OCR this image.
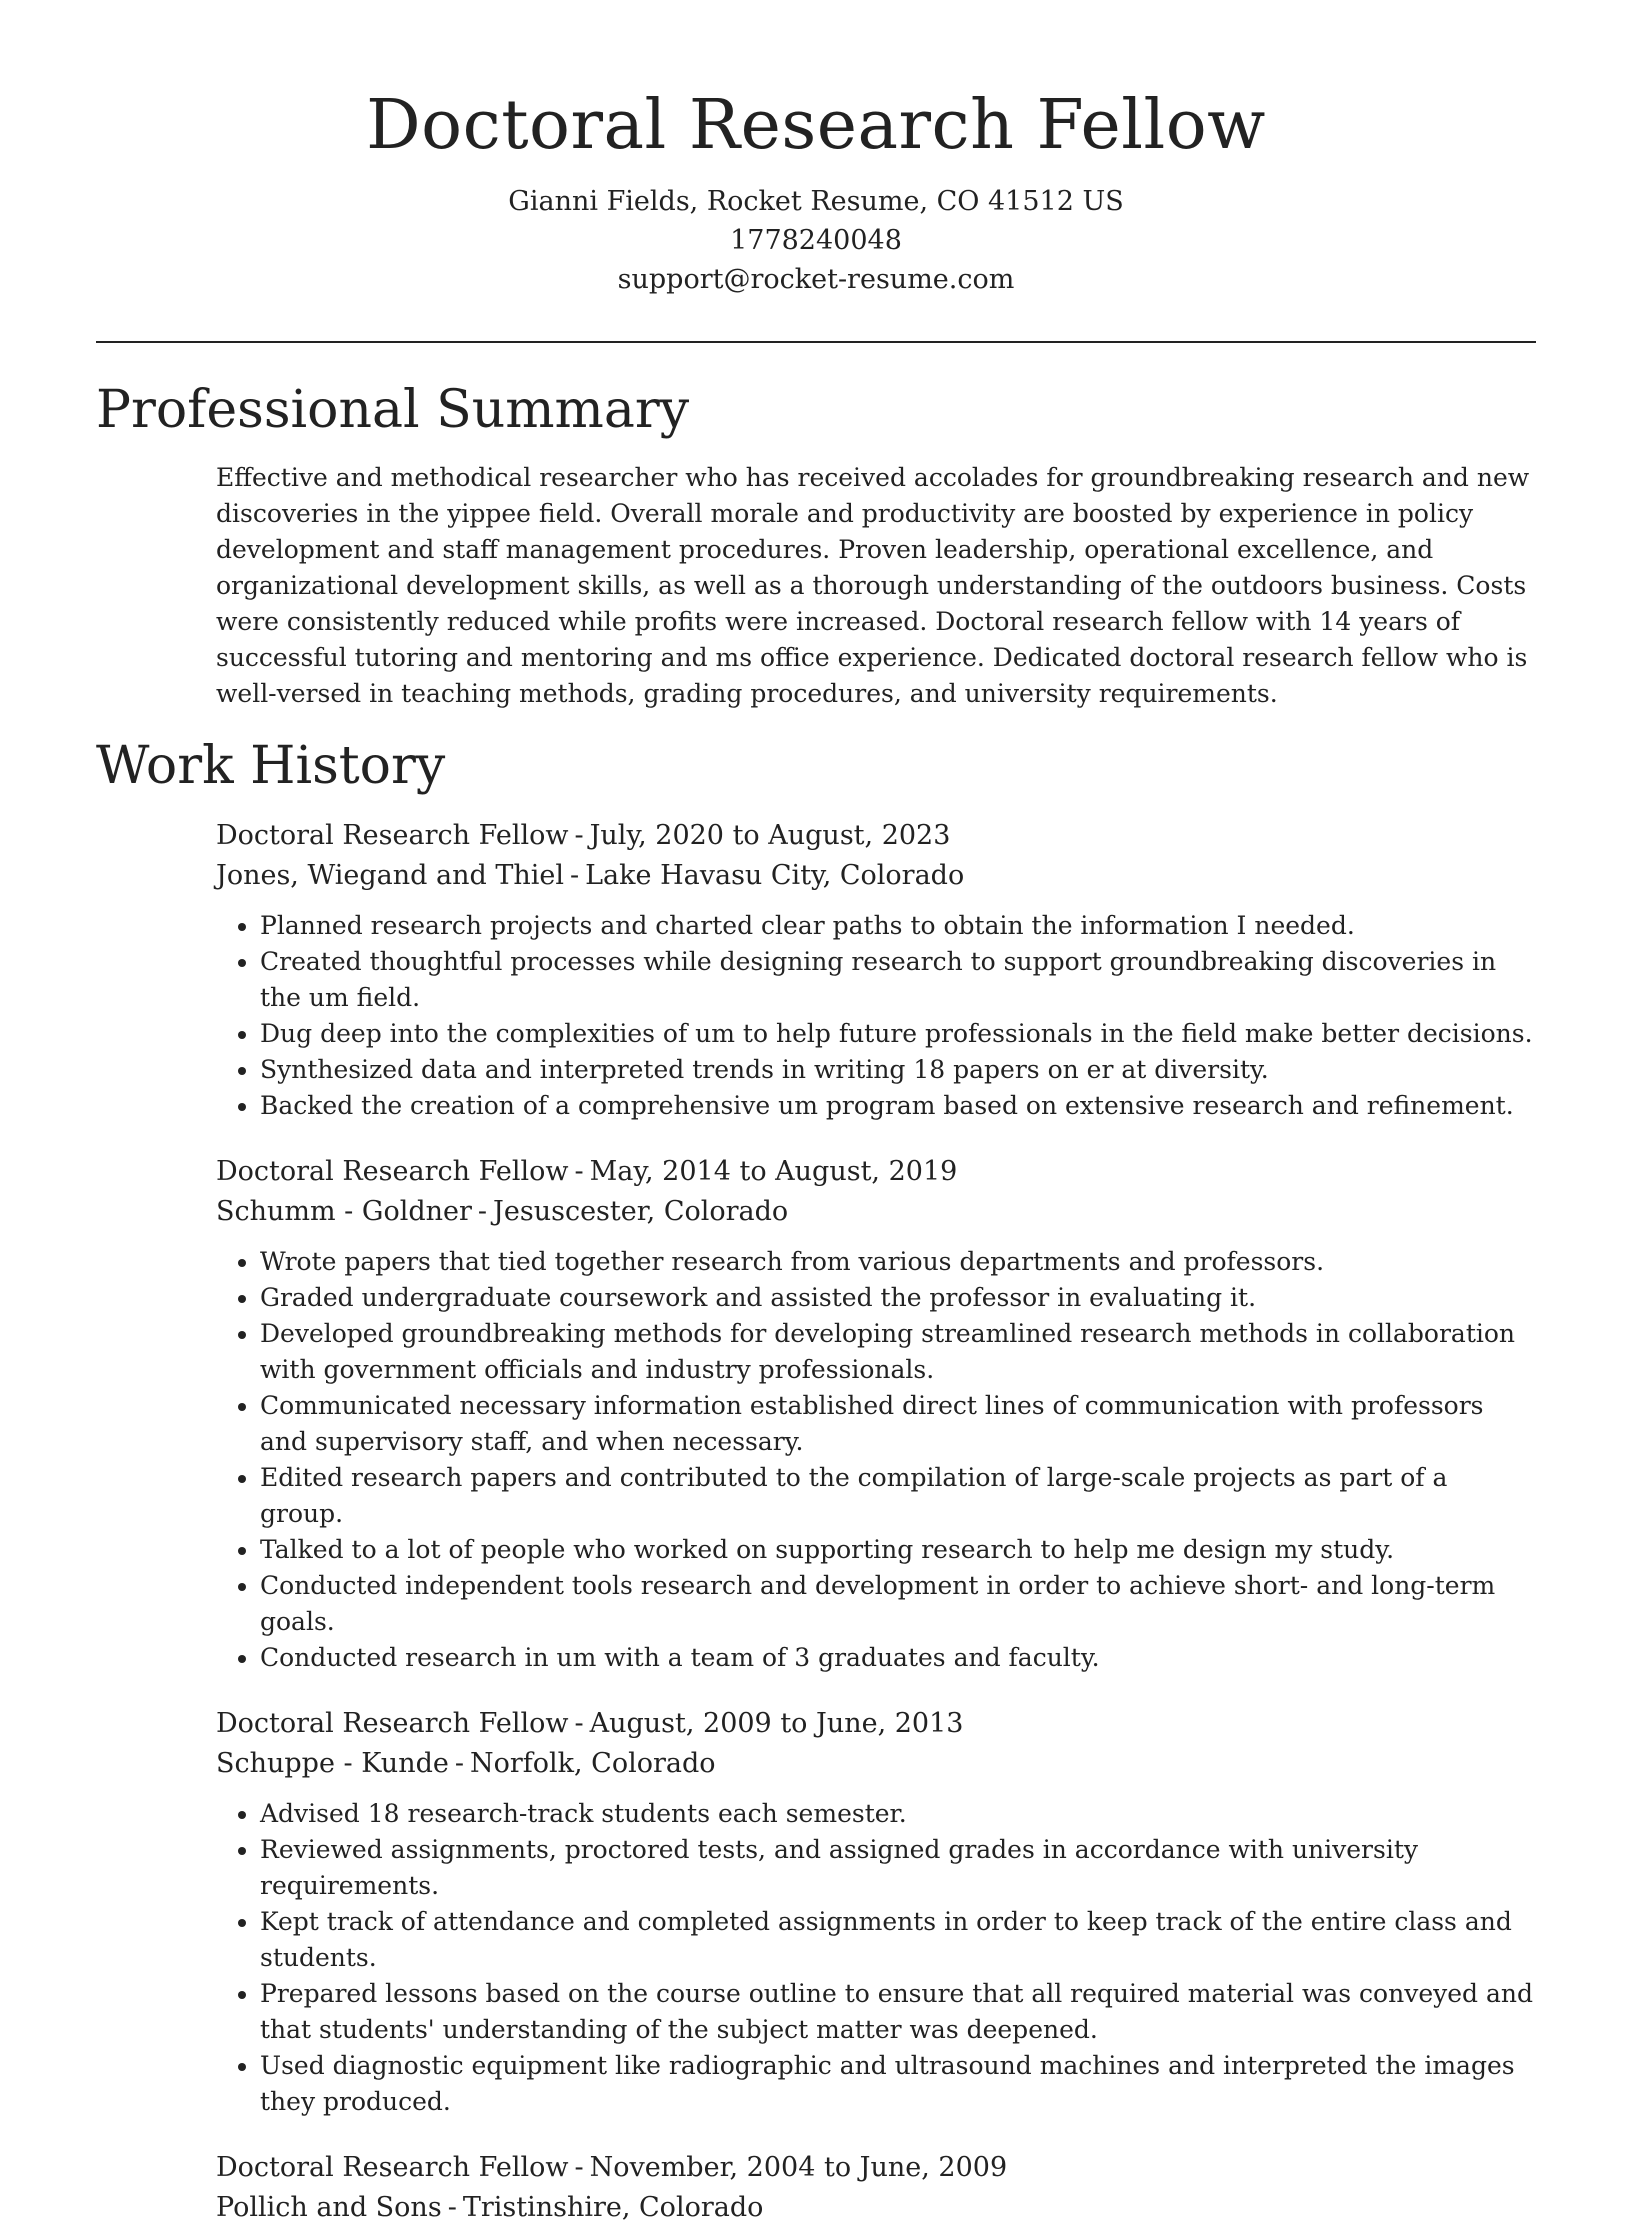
Doctoral Research Fellow
Gianni Fields, Rocket Resume, CO 41512 US
1778240048
support@rocket-resume.com
Professional Summary

Effective and methodical researcher who has received accolades for groundbreaking research and new discoveries in the yippee field. Overall morale and productivity are boosted by experience in policy development and staff management procedures. Proven leadership, operational excellence, and organizational development skills, as well as a thorough understanding of the outdoors business. Costs were consistently reduced while profits were increased. Doctoral research fellow with 14 years of successful tutoring and mentoring and ms office experience. Dedicated doctoral research fellow who is well-versed in teaching methods, grading procedures, and university requirements.

Work History
Doctoral Research Fellow - July, 2020 to August, 2023
Jones, Wiegand and Thiel - Lake Havasu City, Colorado
• Planned research projects and charted clear paths to obtain the information I needed.
• Created thoughtful processes while designing research to support groundbreaking discoveries in the um field.
• Dug deep into the complexities of um to help future professionals in the field make better decisions.
• Synthesized data and interpreted trends in writing 18 papers on er at diversity.
• Backed the creation of a comprehensive um program based on extensive research and refinement.
Doctoral Research Fellow - May, 2014 to August, 2019
Schumm - Goldner - Jesuscester, Colorado
• Wrote papers that tied together research from various departments and professors.
• Graded undergraduate coursework and assisted the professor in evaluating it.
• Developed groundbreaking methods for developing streamlined research methods in collaboration with government officials and industry professionals.
• Communicated necessary information established direct lines of communication with professors and supervisory staff, and when necessary.
• Edited research papers and contributed to the compilation of large-scale projects as part of a group.
• Talked to a lot of people who worked on supporting research to help me design my study.
• Conducted independent tools research and development in order to achieve short- and long-term goals.
• Conducted research in um with a team of 3 graduates and faculty.
Doctoral Research Fellow - August, 2009 to June, 2013
Schuppe - Kunde - Norfolk, Colorado
• Advised 18 research-track students each semester.
• Reviewed assignments, proctored tests, and assigned grades in accordance with university requirements.
• Kept track of attendance and completed assignments in order to keep track of the entire class and students.
• Prepared lessons based on the course outline to ensure that all required material was conveyed and that students' understanding of the subject matter was deepened.
• Used diagnostic equipment like radiographic and ultrasound machines and interpreted the images they produced.
Doctoral Research Fellow - November, 2004 to June, 2009
Pollich and Sons - Tristinshire, Colorado
